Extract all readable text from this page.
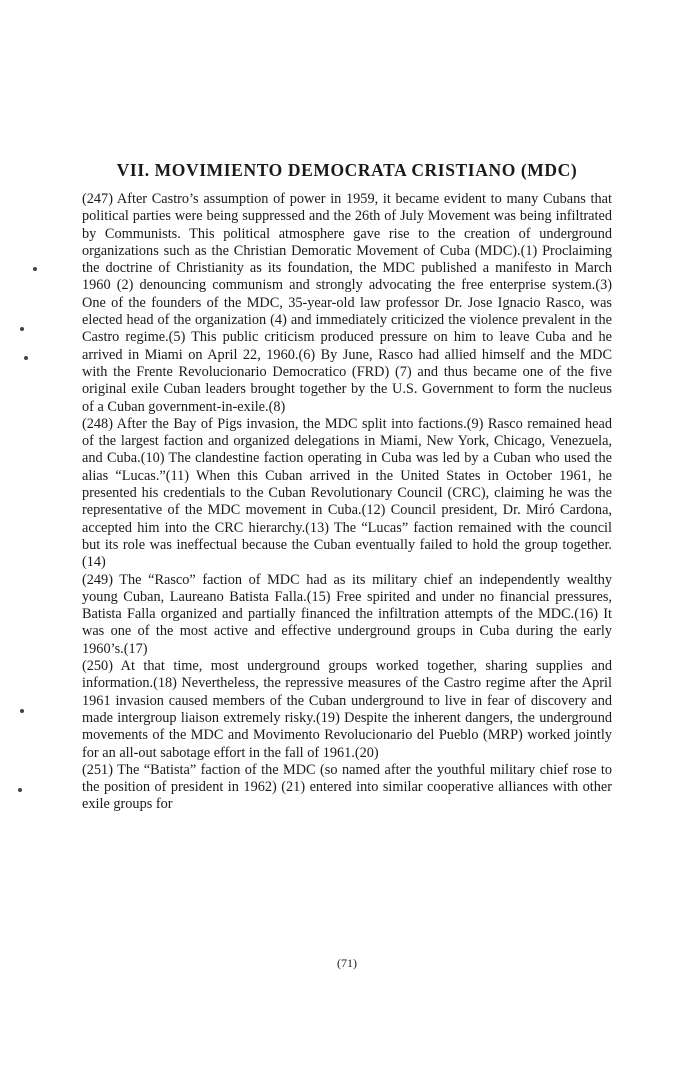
VII. MOVIMIENTO DEMOCRATA CRISTIANO (MDC)

(247) After Castro’s assumption of power in 1959, it became evident to many Cubans that political parties were being suppressed and the 26th of July Movement was being infiltrated by Communists. This political atmosphere gave rise to the creation of underground organizations such as the Christian Demoratic Movement of Cuba (MDC).(1) Proclaiming the doctrine of Christianity as its foundation, the MDC published a manifesto in March 1960 (2) denouncing communism and strongly advocating the free enterprise system.(3) One of the founders of the MDC, 35-year-old law professor Dr. Jose Ignacio Rasco, was elected head of the organization (4) and immediately criticized the violence prevalent in the Castro regime.(5) This public criticism produced pressure on him to leave Cuba and he arrived in Miami on April 22, 1960.(6) By June, Rasco had allied himself and the MDC with the Frente Revolucionario Democratico (FRD) (7) and thus became one of the five original exile Cuban leaders brought together by the U.S. Government to form the nucleus of a Cuban government-in-exile.(8)

(248) After the Bay of Pigs invasion, the MDC split into factions.(9) Rasco remained head of the largest faction and organized delegations in Miami, New York, Chicago, Venezuela, and Cuba.(10) The clandestine faction operating in Cuba was led by a Cuban who used the alias “Lucas.”(11) When this Cuban arrived in the United States in October 1961, he presented his credentials to the Cuban Revolutionary Council (CRC), claiming he was the representative of the MDC movement in Cuba.(12) Council president, Dr. Miró Cardona, accepted him into the CRC hierarchy.(13) The “Lucas” faction remained with the council but its role was ineffectual because the Cuban eventually failed to hold the group together.(14)

(249) The “Rasco” faction of MDC had as its military chief an independently wealthy young Cuban, Laureano Batista Falla.(15) Free spirited and under no financial pressures, Batista Falla organized and partially financed the infiltration attempts of the MDC.(16) It was one of the most active and effective underground groups in Cuba during the early 1960’s.(17)

(250) At that time, most underground groups worked together, sharing supplies and information.(18) Nevertheless, the repressive measures of the Castro regime after the April 1961 invasion caused members of the Cuban underground to live in fear of discovery and made intergroup liaison extremely risky.(19) Despite the inherent dangers, the underground movements of the MDC and Movimento Revolucionario del Pueblo (MRP) worked jointly for an all-out sabotage effort in the fall of 1961.(20)

(251) The “Batista” faction of the MDC (so named after the youthful military chief rose to the position of president in 1962) (21) entered into similar cooperative alliances with other exile groups for

(71)
